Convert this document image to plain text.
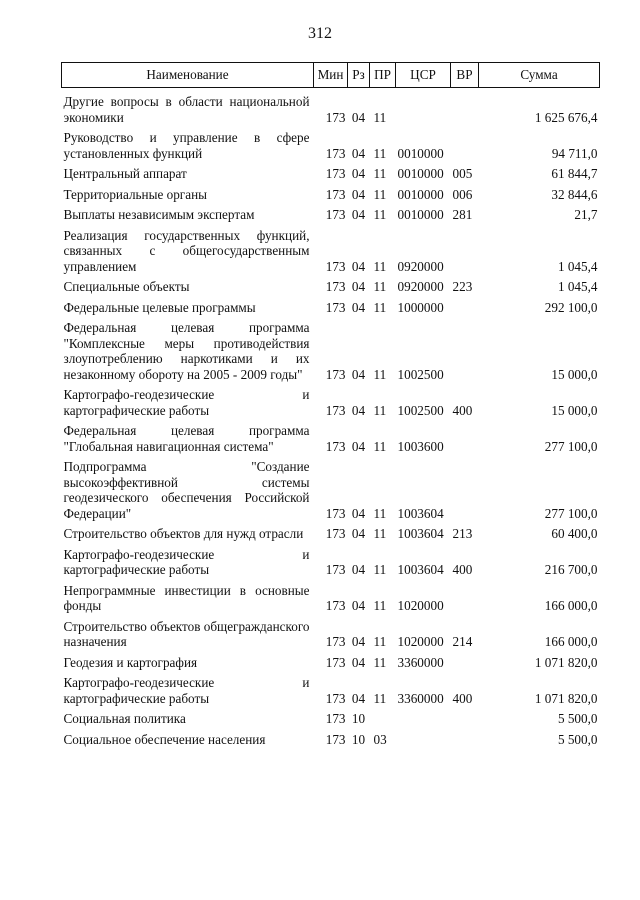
312
Наименование	Мин	Рз	ПР	ЦСР	ВР	Сумма

Другие вопросы в области национальной экономики	173	04	11			1 625 676,4
Руководство и управление в сфере установленных функций	173	04	11	0010000		94 711,0
Центральный аппарат	173	04	11	0010000	005	61 844,7
Территориальные органы	173	04	11	0010000	006	32 844,6
Выплаты независимым экспертам	173	04	11	0010000	281	21,7
Реализация государственных функций, связанных с общегосударственным управлением	173	04	11	0920000		1 045,4
Специальные объекты	173	04	11	0920000	223	1 045,4
Федеральные целевые программы	173	04	11	1000000		292 100,0
Федеральная целевая программа "Комплексные меры противодействия злоупотреблению наркотиками и их незаконному обороту на 2005 - 2009 годы"	173	04	11	1002500		15 000,0
Картографо-геодезические и картографические работы	173	04	11	1002500	400	15 000,0
Федеральная целевая программа "Глобальная навигационная система"	173	04	11	1003600		277 100,0
Подпрограмма "Создание высокоэффективной системы геодезического обеспечения Российской Федерации"	173	04	11	1003604		277 100,0
Строительство объектов для нужд отрасли	173	04	11	1003604	213	60 400,0
Картографо-геодезические и картографические работы	173	04	11	1003604	400	216 700,0
Непрограммные инвестиции в основные фонды	173	04	11	1020000		166 000,0
Строительство объектов общегражданского назначения	173	04	11	1020000	214	166 000,0
Геодезия и картография	173	04	11	3360000		1 071 820,0
Картографо-геодезические и картографические работы	173	04	11	3360000	400	1 071 820,0
Социальная политика	173	10				5 500,0
Социальное обеспечение населения	173	10	03			5 500,0
